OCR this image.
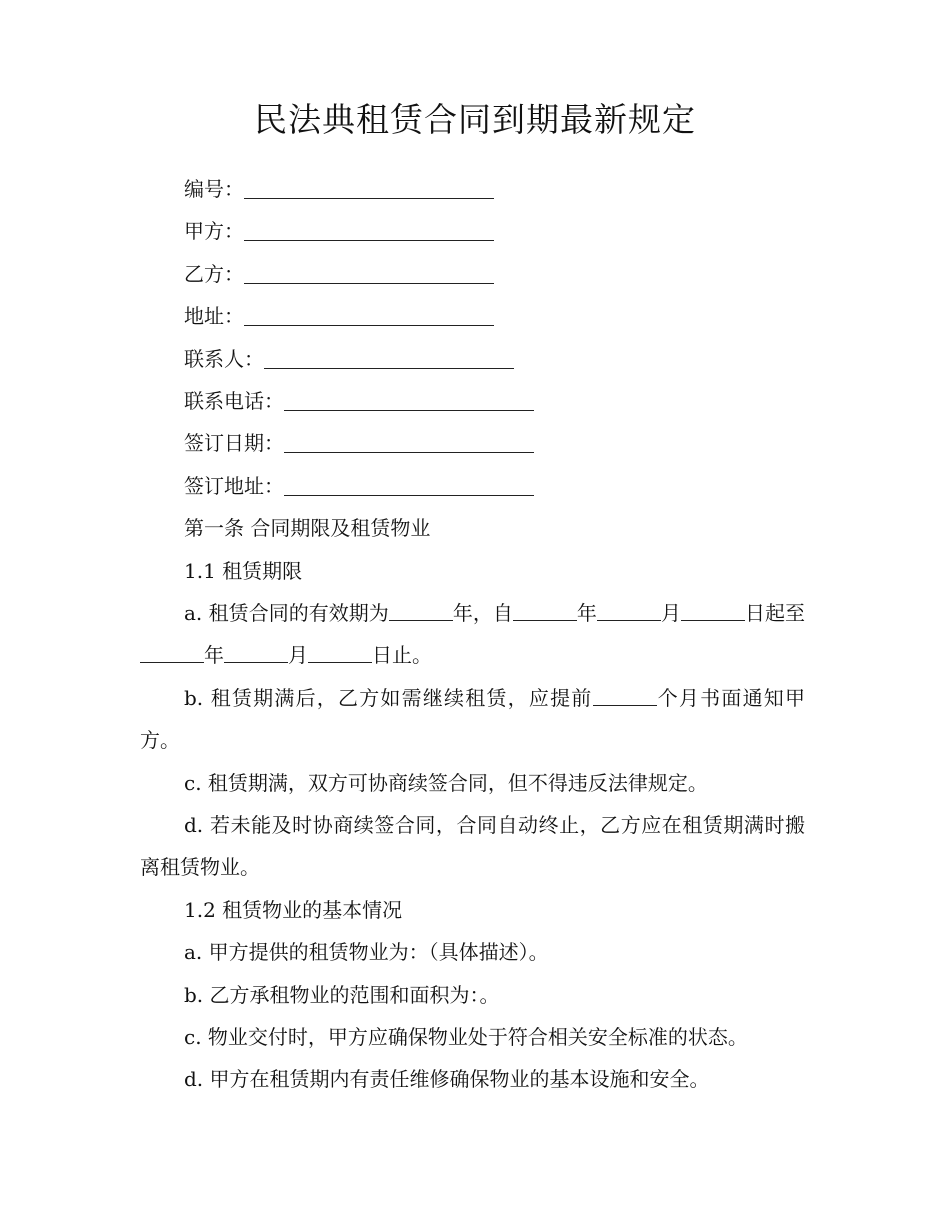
民法典租赁合同到期最新规定
编号：
甲方：
乙方：
地址：
联系人：
联系电话：
签订日期：
签订地址：

第一条 合同期限及租赁物业

1.1 租赁期限

a. 租赁合同的有效期为	年，自	年	月	日起至年	月	日止。

b. 租赁期满后，乙方如需继续租赁，应提前	个月书面通知甲方。

c. 租赁期满，双方可协商续签合同，但不得违反法律规定。

d. 若未能及时协商续签合同，合同自动终止，乙方应在租赁期满时搬离租赁物业。

1.2 租赁物业的基本情况

a. 甲方提供的租赁物业为：（具体描述）。

b. 乙方承租物业的范围和面积为：。

c. 物业交付时，甲方应确保物业处于符合相关安全标准的状态。

d. 甲方在租赁期内有责任维修确保物业的基本设施和安全。
